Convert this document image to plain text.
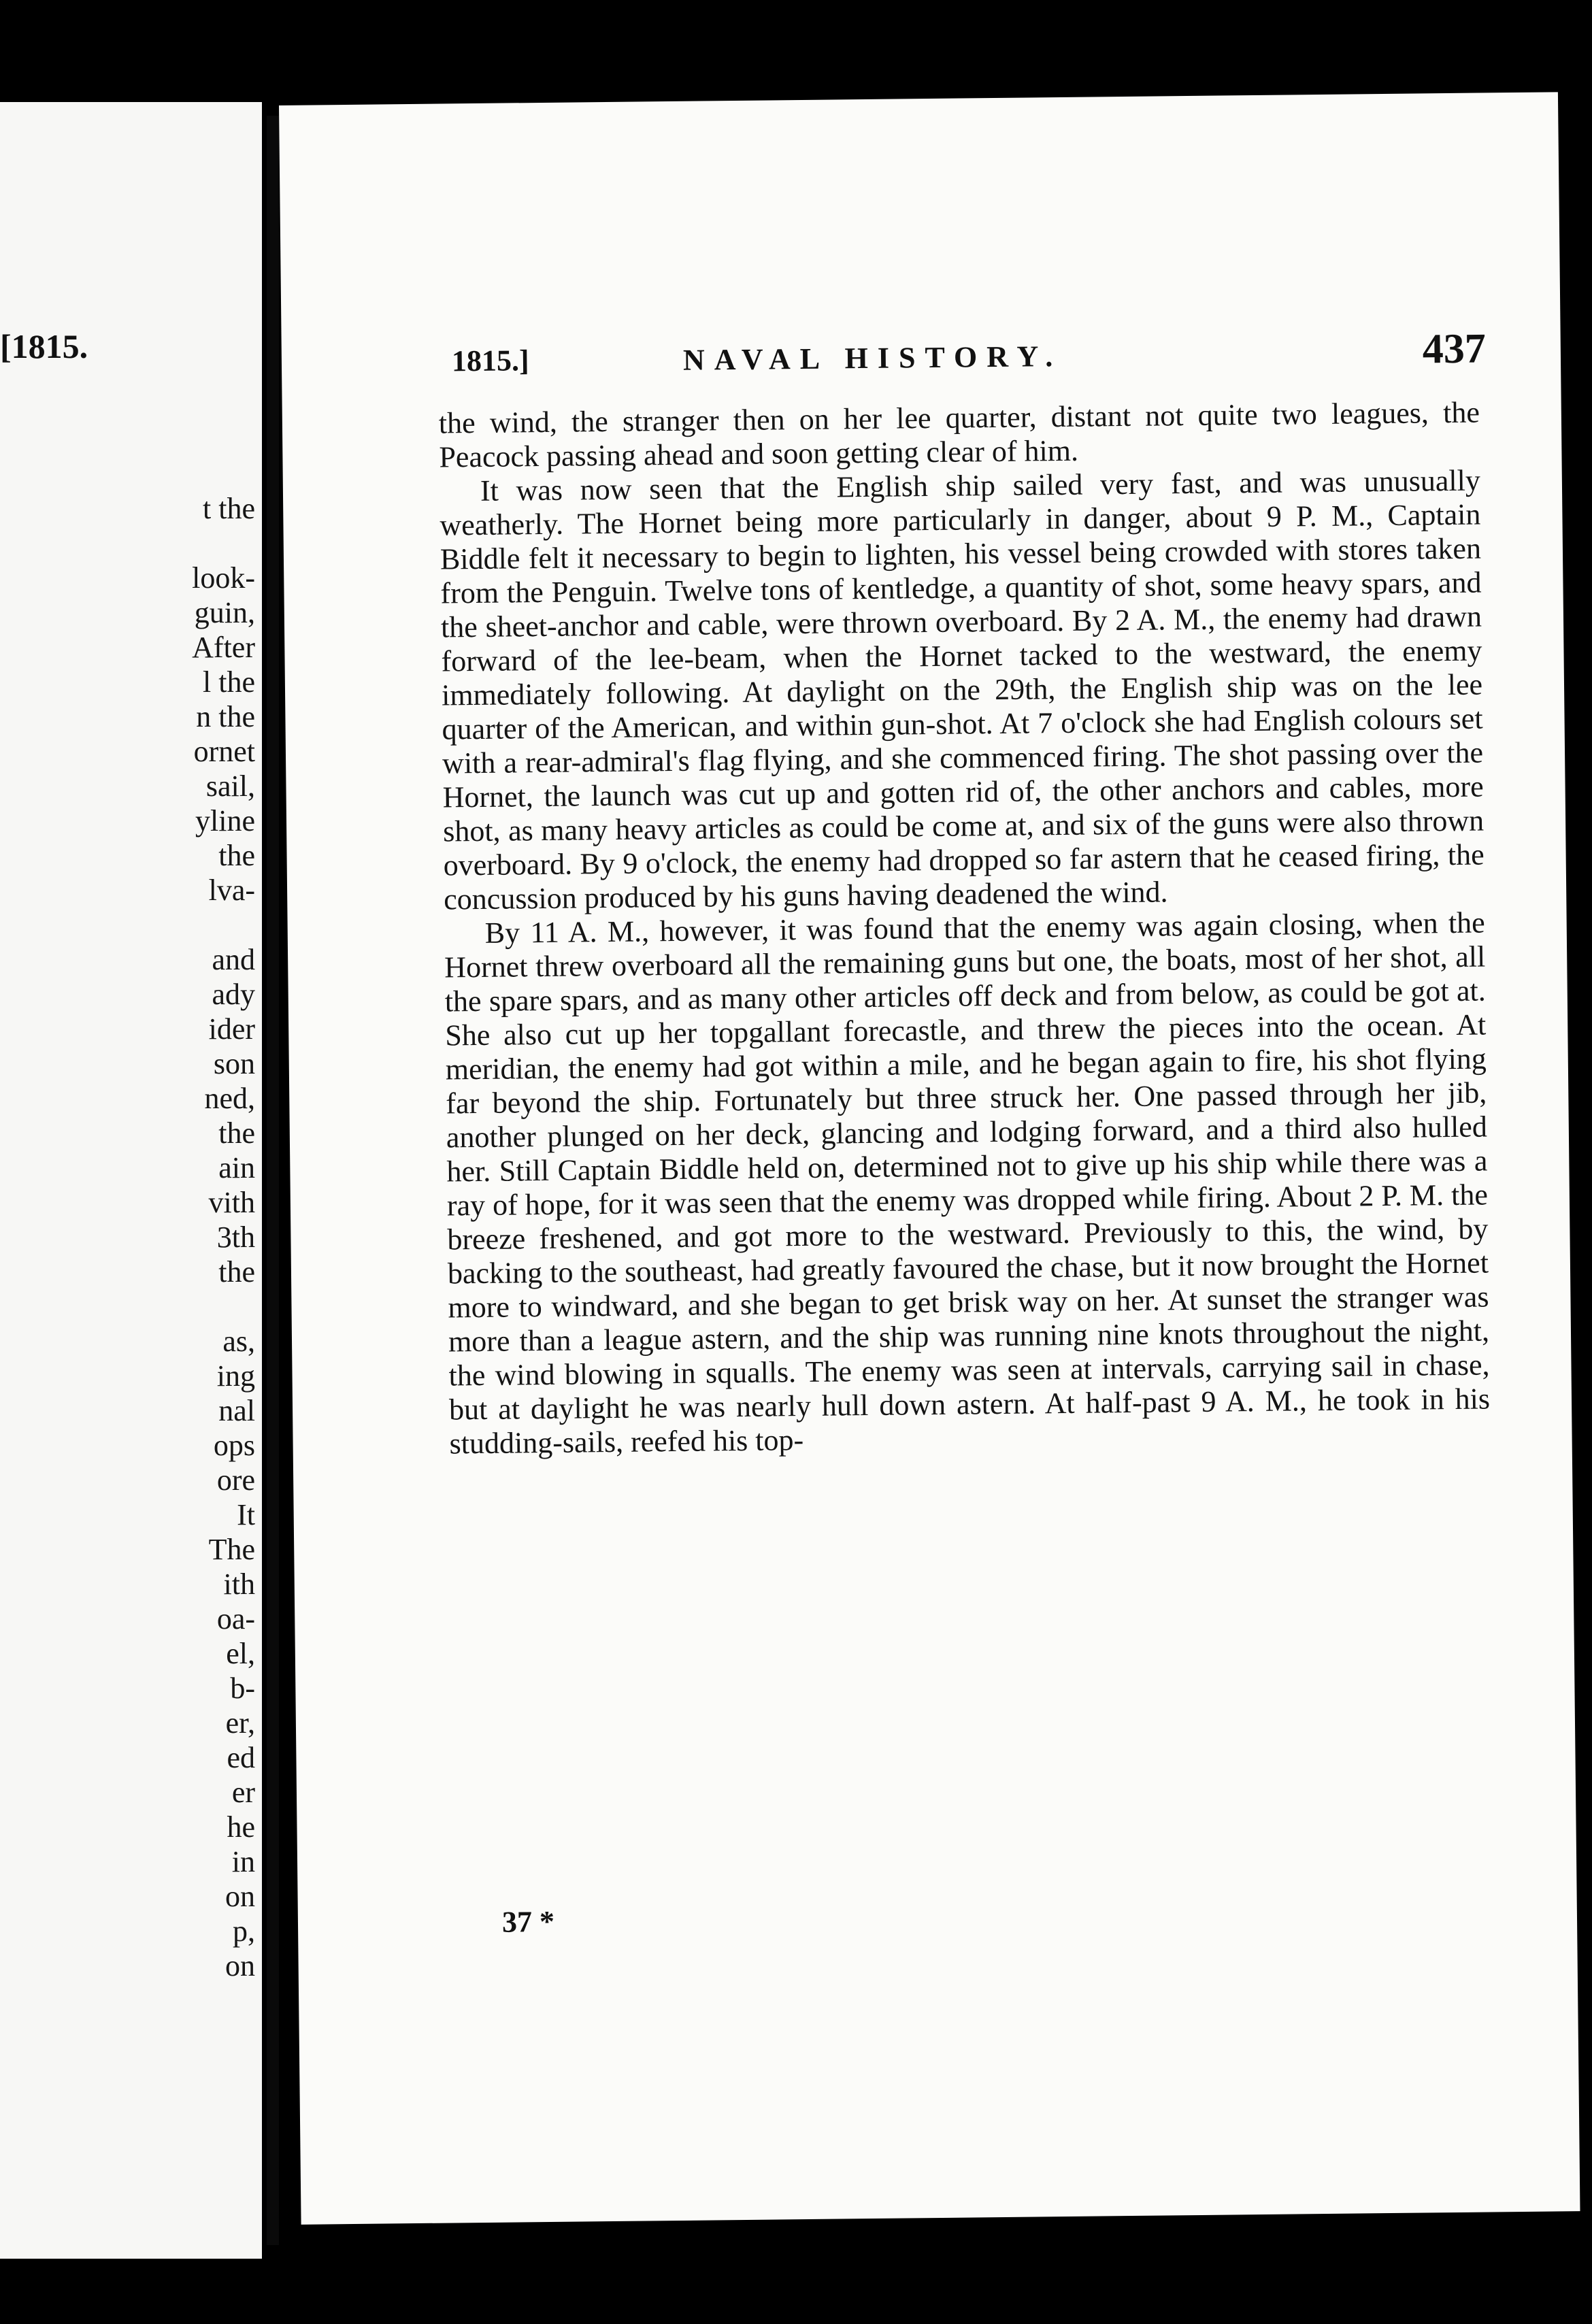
[1815.
t the

look-
guin,
After
l the
n the
ornet
sail,
yline
the
lva-

and
ady
ider
son
ned,
the
ain
vith
3th
the

as,
ing
nal
ops
ore
It
The
ith
oa-
el,
b-
er,
ed
er
he
in
on
p,
on
1815.]	NAVAL HISTORY.	437

the wind, the stranger then on her lee quarter, distant not quite two leagues, the Peacock passing ahead and soon getting clear of him.

It was now seen that the English ship sailed very fast, and was unusually weatherly. The Hornet being more particularly in danger, about 9 P. M., Captain Biddle felt it necessary to begin to lighten, his vessel being crowded with stores taken from the Penguin. Twelve tons of kentledge, a quantity of shot, some heavy spars, and the sheet-anchor and cable, were thrown overboard. By 2 A. M., the enemy had drawn forward of the lee-beam, when the Hornet tacked to the westward, the enemy immediately following. At daylight on the 29th, the English ship was on the lee quarter of the American, and within gun-shot. At 7 o'clock she had English colours set with a rear-admiral's flag flying, and she commenced firing. The shot passing over the Hornet, the launch was cut up and gotten rid of, the other anchors and cables, more shot, as many heavy articles as could be come at, and six of the guns were also thrown overboard. By 9 o'clock, the enemy had dropped so far astern that he ceased firing, the concussion produced by his guns having deadened the wind.

By 11 A. M., however, it was found that the enemy was again closing, when the Hornet threw overboard all the remaining guns but one, the boats, most of her shot, all the spare spars, and as many other articles off deck and from below, as could be got at. She also cut up her topgallant forecastle, and threw the pieces into the ocean. At meridian, the enemy had got within a mile, and he began again to fire, his shot flying far beyond the ship. Fortunately but three struck her. One passed through her jib, another plunged on her deck, glancing and lodging forward, and a third also hulled her. Still Captain Biddle held on, determined not to give up his ship while there was a ray of hope, for it was seen that the enemy was dropped while firing. About 2 P. M. the breeze freshened, and got more to the westward. Previously to this, the wind, by backing to the southeast, had greatly favoured the chase, but it now brought the Hornet more to windward, and she began to get brisk way on her. At sunset the stranger was more than a league astern, and the ship was running nine knots throughout the night, the wind blowing in squalls. The enemy was seen at intervals, carrying sail in chase, but at daylight he was nearly hull down astern. At half-past 9 A. M., he took in his studding-sails, reefed his top-

37 *
